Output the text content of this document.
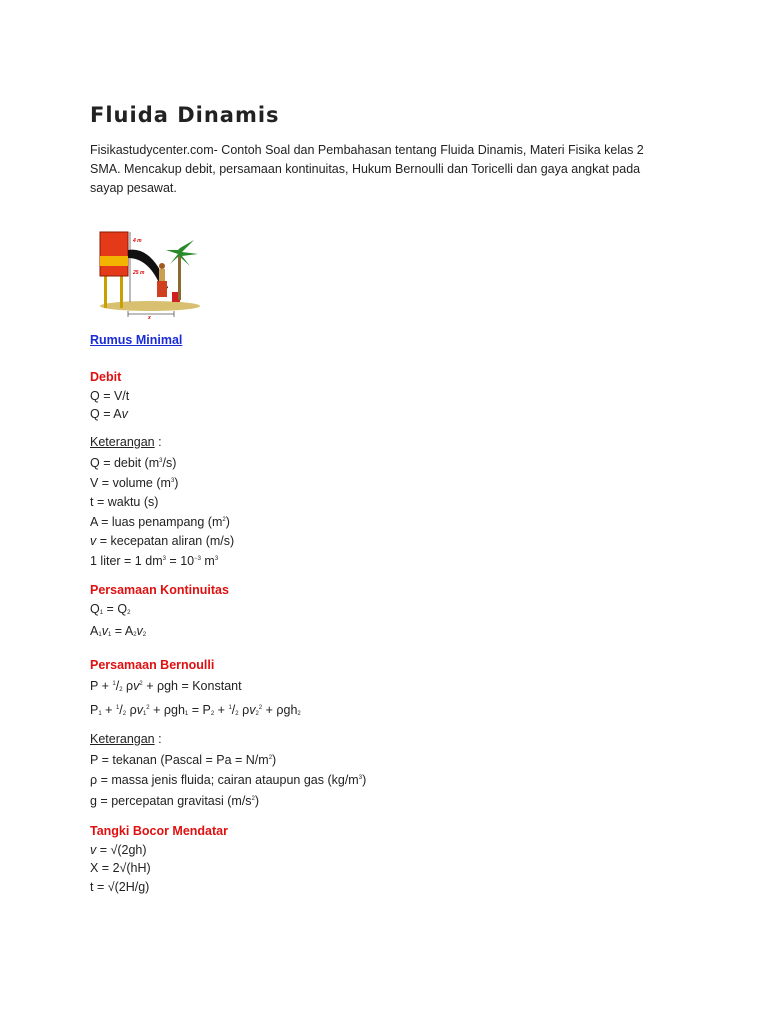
Fluida Dinamis

Fisikastudycenter.com- Contoh Soal dan Pembahasan tentang Fluida Dinamis, Materi Fisika kelas 2 SMA. Mencakup debit, persamaan kontinuitas, Hukum Bernoulli dan Toricelli dan gaya angkat pada sayap pesawat.

4 m
25 m
x
Rumus Minimal
Debit
Q = V/t
Q = Av
Keterangan :
Q = debit $(m^3/s)$
V = volume $(m^3)$
t = waktu (s)
A = luas penampang $(m^2)$
v = kecepatan aliran (m/s)
1 liter = 1 $dm^3 = 10^{-3}$ $m^3$
Persamaan Kontinuitas
$Q_1 = Q_2$
$A_1v_1 = A_2v_2$
Persamaan Bernoulli
$P + ^1/_2$ $\rho v^2 + \rho gh$ = Konstant
$P_1 + ^1/_2$ $\rho v_1^2 + \rho gh_1 = P_2 + ^1/_2$ $\rho v_2^2 + \rho gh_2$
Keterangan :
P = tekanan (Pascal = $Pa = N/m^2$)
ρ = massa jenis fluida; cairan ataupun gas $(kg/m^3)$
g = percepatan gravitasi $(m/s^2)$
Tangki Bocor Mendatar
v = √(2gh)
X = 2√(hH)
t = √(2H/g)
